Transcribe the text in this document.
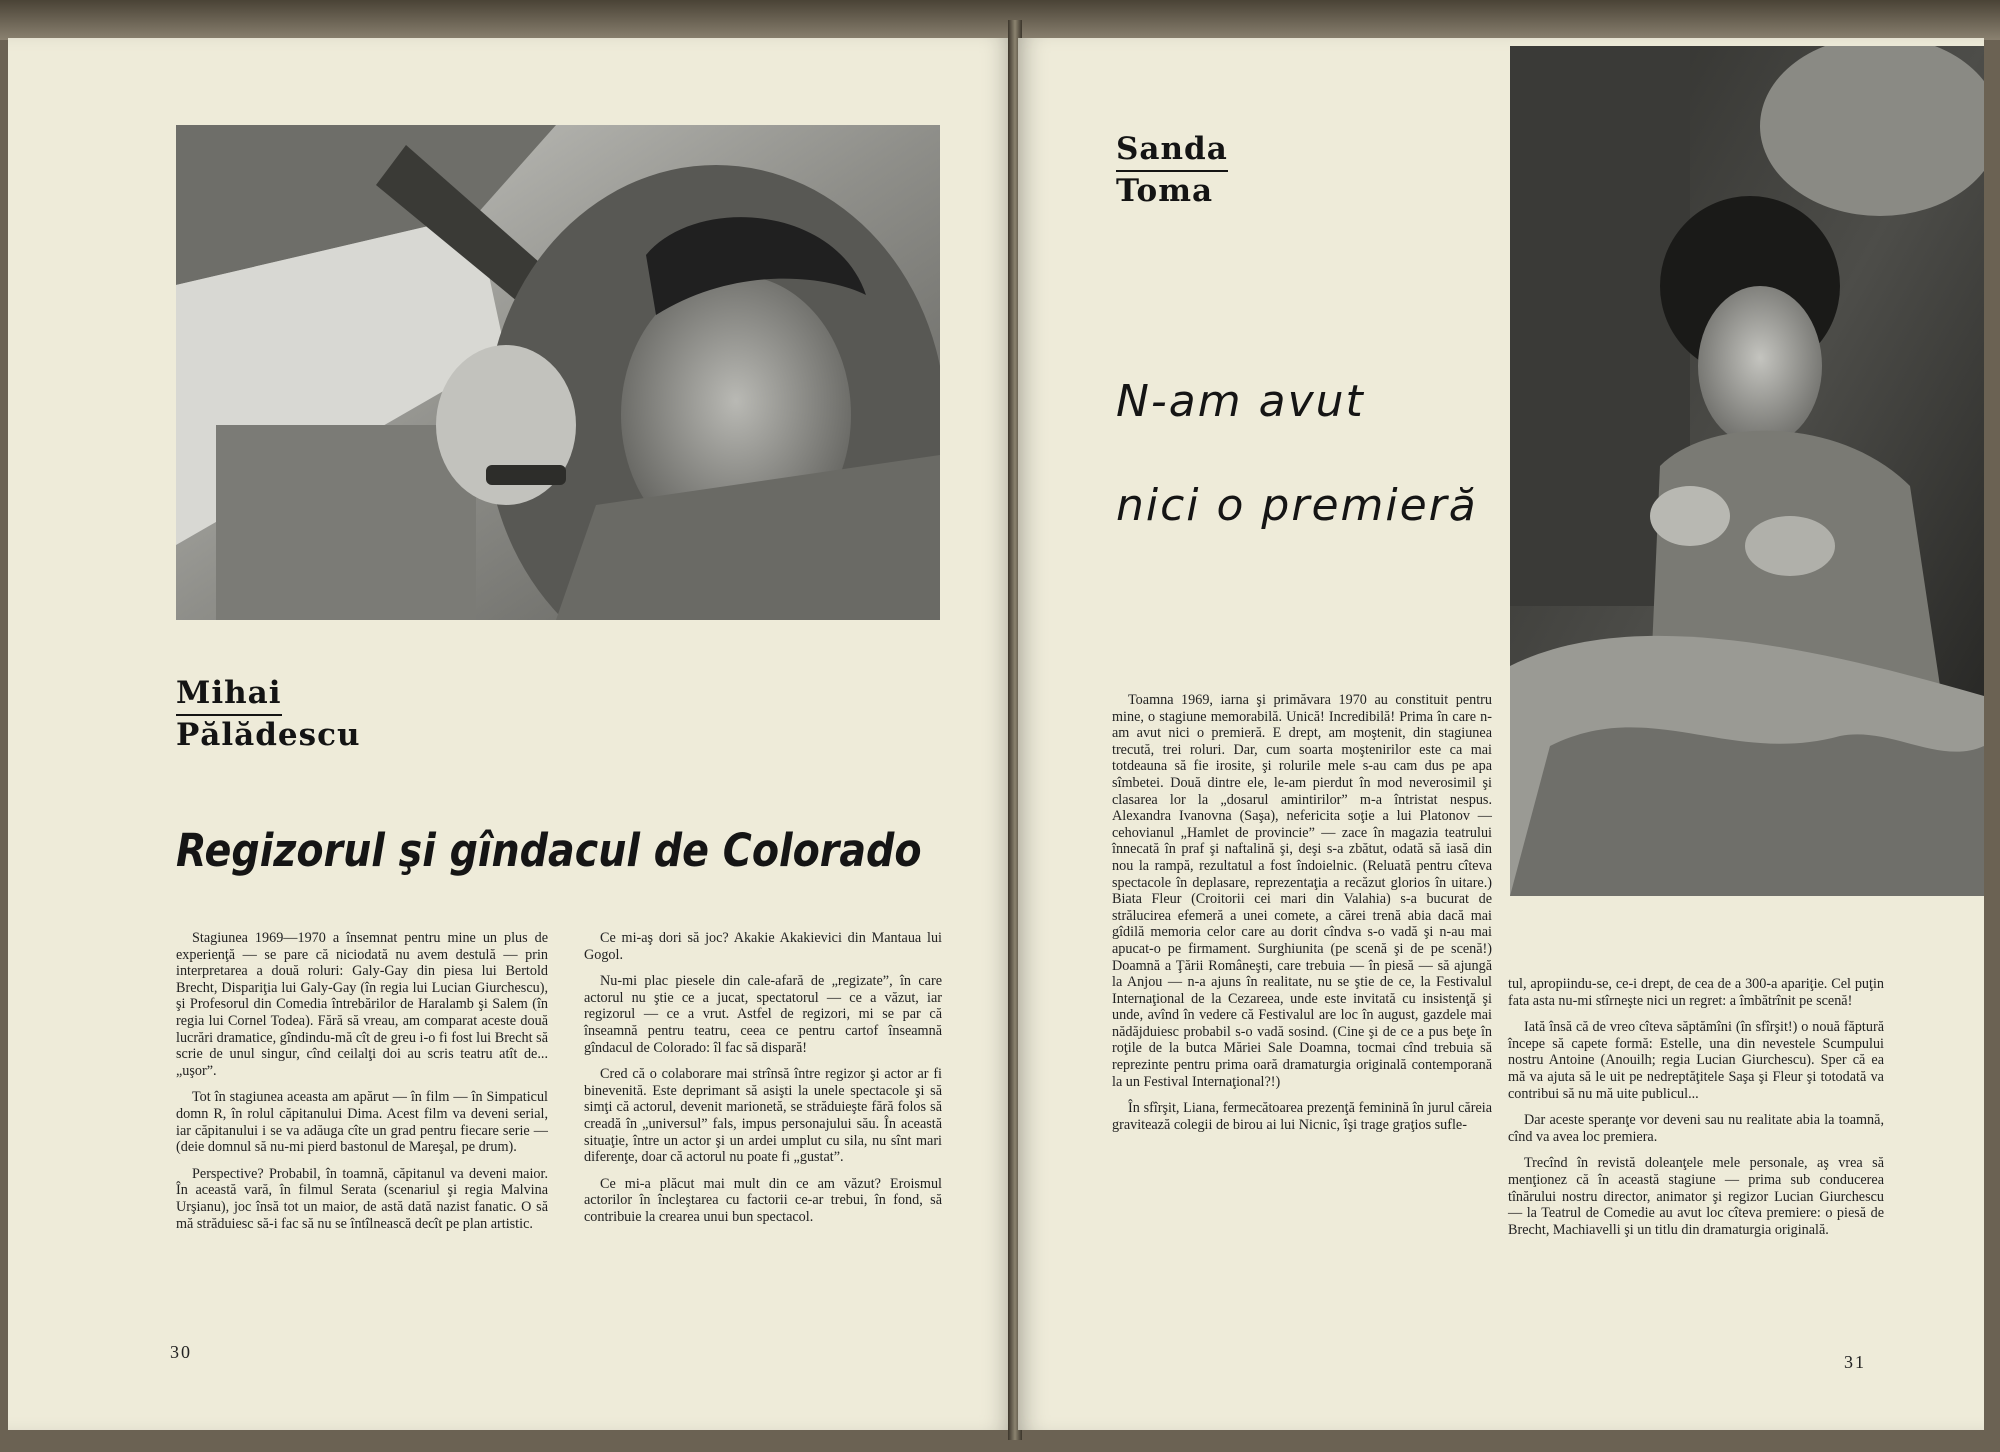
Mihai
Pălădescu
Regizorul şi gîndacul de Colorado

Stagiunea 1969—1970 a însemnat pentru mine un plus de experienţă — se pare că niciodată nu avem destulă — prin interpretarea a două roluri: Galy-Gay din piesa lui Bertold Brecht, Dispariţia lui Galy-Gay (în regia lui Lucian Giurchescu), şi Profesorul din Comedia întrebărilor de Haralamb şi Salem (în regia lui Cornel Todea). Fără să vreau, am comparat aceste două lucrări dramatice, gîndindu-mă cît de greu i-o fi fost lui Brecht să scrie de unul singur, cînd ceilalţi doi au scris teatru atît de... „uşor”.

Tot în stagiunea aceasta am apărut — în film — în Simpaticul domn R, în rolul căpitanului Dima. Acest film va deveni serial, iar căpitanului i se va adăuga cîte un grad pentru fiecare serie — (deie domnul să nu-mi pierd bastonul de Mareşal, pe drum).

Perspective? Probabil, în toamnă, căpitanul va deveni maior. În această vară, în filmul Serata (scenariul şi regia Malvina Urşianu), joc însă tot un maior, de astă dată nazist fanatic. O să mă străduiesc să-i fac să nu se întîlnească decît pe plan artistic.

Ce mi-aş dori să joc? Akakie Akakievici din Mantaua lui Gogol.

Nu-mi plac piesele din cale-afară de „regizate”, în care actorul nu ştie ce a jucat, spectatorul — ce a văzut, iar regizorul — ce a vrut. Astfel de regizori, mi se par că înseamnă pentru teatru, ceea ce pentru cartof înseamnă gîndacul de Colorado: îl fac să dispară!

Cred că o colaborare mai strînsă între regizor şi actor ar fi binevenită. Este deprimant să asişti la unele spectacole şi să simţi că actorul, devenit marionetă, se străduieşte fără folos să creadă în „universul” fals, impus personajului său. În această situaţie, între un actor şi un ardei umplut cu sila, nu sînt mari diferenţe, doar că actorul nu poate fi „gustat”.

Ce mi-a plăcut mai mult din ce am văzut? Eroismul actorilor în încleştarea cu factorii ce-ar trebui, în fond, să contribuie la crearea unui bun spectacol.

30
Sanda
Toma
N-am avut
nici o premieră

Toamna 1969, iarna şi primăvara 1970 au constituit pentru mine, o stagiune memorabilă. Unică! Incredibilă! Prima în care n-am avut nici o premieră. E drept, am moştenit, din stagiunea trecută, trei roluri. Dar, cum soarta moştenirilor este ca mai totdeauna să fie irosite, şi rolurile mele s-au cam dus pe apa sîmbetei. Două dintre ele, le-am pierdut în mod neverosimil şi clasarea lor la „dosarul amintirilor” m-a întristat nespus. Alexandra Ivanovna (Saşa), nefericita soţie a lui Platonov — cehovianul „Hamlet de provincie” — zace în magazia teatrului înnecată în praf şi naftalină şi, deşi s-a zbătut, odată să iasă din nou la rampă, rezultatul a fost îndoielnic. (Reluată pentru cîteva spectacole în deplasare, reprezentaţia a recăzut glorios în uitare.) Biata Fleur (Croitorii cei mari din Valahia) s-a bucurat de strălucirea efemeră a unei comete, a cărei trenă abia dacă mai gîdilă memoria celor care au dorit cîndva s-o vadă şi n-au mai apucat-o pe firmament. Surghiunita (pe scenă şi de pe scenă!) Doamnă a Ţării Româneşti, care trebuia — în piesă — să ajungă la Anjou — n-a ajuns în realitate, nu se ştie de ce, la Festivalul Internaţional de la Cezareea, unde este invitată cu insistenţă şi unde, avînd în vedere că Festivalul are loc în august, gazdele mai nădăjduiesc probabil s-o vadă sosind. (Cine şi de ce a pus beţe în roţile de la butca Măriei Sale Doamna, tocmai cînd trebuia să reprezinte pentru prima oară dramaturgia originală contemporană la un Festival Internaţional?!)

În sfîrşit, Liana, fermecătoarea prezenţă feminină în jurul căreia gravitează colegii de birou ai lui Nicnic, îşi trage graţios sufle-

tul, apropiindu-se, ce-i drept, de cea de a 300-a apariţie. Cel puţin fata asta nu-mi stîrneşte nici un regret: a îmbătrînit pe scenă!

Iată însă că de vreo cîteva săptămîni (în sfîrşit!) o nouă făptură începe să capete formă: Estelle, una din nevestele Scumpului nostru Antoine (Anouilh; regia Lucian Giurchescu). Sper că ea mă va ajuta să le uit pe nedreptăţitele Saşa şi Fleur şi totodată va contribui să nu mă uite publicul...

Dar aceste speranţe vor deveni sau nu realitate abia la toamnă, cînd va avea loc premiera.

Trecînd în revistă doleanţele mele personale, aş vrea să menţionez că în această stagiune — prima sub conducerea tînărului nostru director, animator şi regizor Lucian Giurchescu — la Teatrul de Comedie au avut loc cîteva premiere: o piesă de Brecht, Machiavelli şi un titlu din dramaturgia originală.

31
